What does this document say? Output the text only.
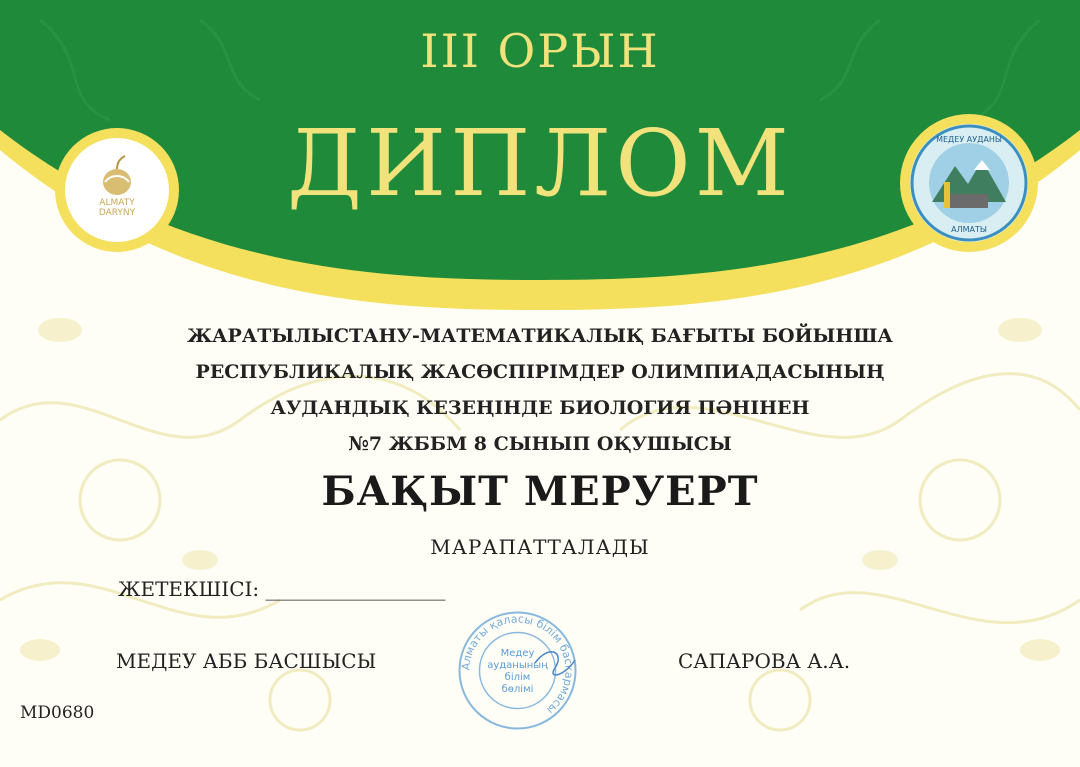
III ОРЫН
ДИПЛОМ
ALMATY
DARYNY
МЕДЕУ АУДАНЫ
АЛМАТЫ
ЖАРАТЫЛЫСТАНУ-МАТЕМАТИКАЛЫҚ БАҒЫТЫ БОЙЫНША
РЕСПУБЛИКАЛЫҚ ЖАСӨСПІРІМДЕР ОЛИМПИАДАСЫНЫҢ
АУДАНДЫҚ КЕЗЕҢІНДЕ БИОЛОГИЯ ПӘНІНЕН
№7 ЖББМ 8 СЫНЫП ОҚУШЫСЫ
БАҚЫТ МЕРУЕРТ
МАРАПАТТАЛАДЫ
ЖЕТЕКШІСІ: __________________
МЕДЕУ АББ БАСШЫСЫ	САПАРОВА А.А.
MD0680
Алматы қаласы білім басқармасы
Медеу
ауданының
білім
бөлімі
